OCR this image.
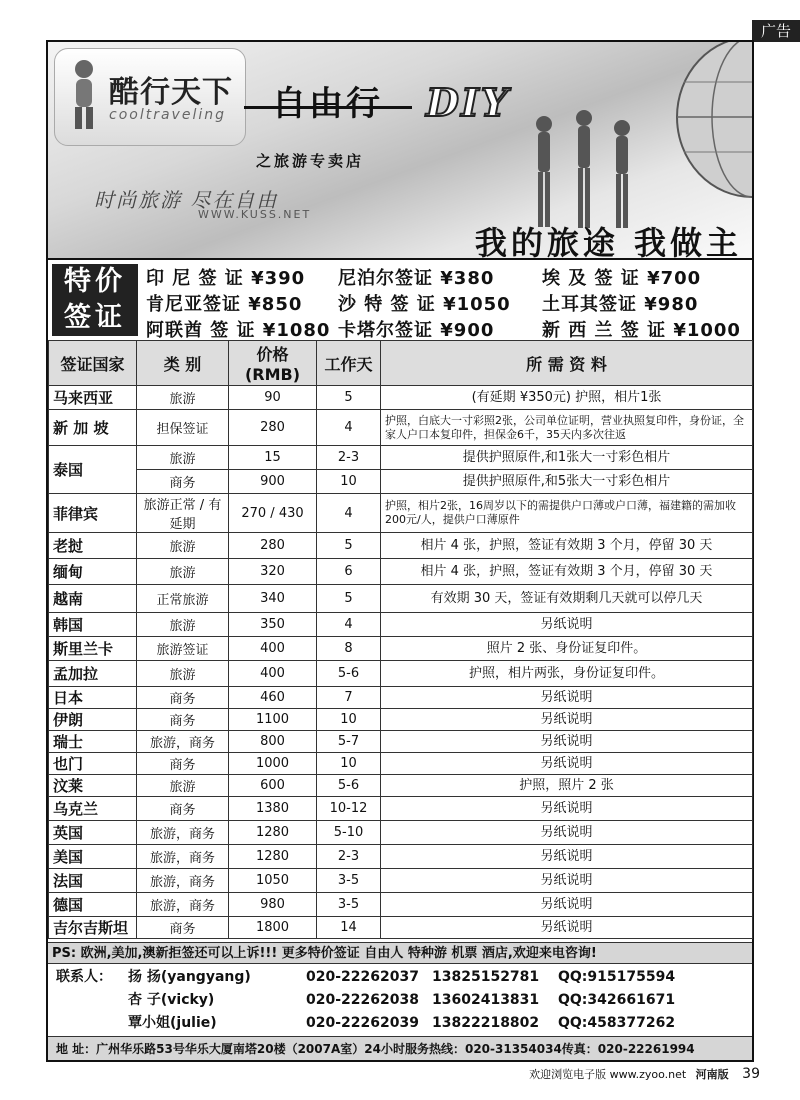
广告
酷行天下
cooltraveling 自由行 DIY
之旅游专卖店
时尚旅游 尽在自由
WWW.KUSS.NET
我的旅途 我做主
特价
签证
印 尼 签 证 ¥390 尼泊尔签证 ¥380	埃 及 签 证 ¥700
肯尼亚签证 ¥850 沙 特 签 证 ¥1050 土耳其签证 ¥980
阿联酋 签 证 ¥1080 卡塔尔签证 ¥900	新 西 兰 签 证 ¥1000
签证国家	类 别	价格(RMB)	工作天	所 需 资 料
马来西亚	旅游	90	5	(有延期 ¥350元) 护照，相片1张
新 加 坡	担保签证	280	4	护照，白底大一寸彩照2张，公司单位证明，营业执照复印件，身份证，全家人户口本复印件，担保金6千，35天内多次往返
泰国	旅游	15	2-3	提供护照原件,和1张大一寸彩色相片
	商务	900	10	提供护照原件,和5张大一寸彩色相片
菲律宾	旅游正常 / 有延期	270 / 430	4	护照，相片2张，16周岁以下的需提供户口薄或户口薄，福建籍的需加收200元/人，提供户口薄原件
老挝	旅游	280	5	相片 4 张，护照，签证有效期 3 个月，停留 30 天
缅甸	旅游	320	6	相片 4 张，护照，签证有效期 3 个月，停留 30 天
越南	正常旅游	340	5	有效期 30 天，签证有效期剩几天就可以停几天
韩国	旅游	350	4	另纸说明
斯里兰卡	旅游签证	400	8	照片 2 张、身份证复印件。
孟加拉	旅游	400	5-6	护照，相片两张，身份证复印件。
日本	商务	460	7	另纸说明
伊朗	商务	1100	10	另纸说明
瑞士	旅游，商务	800	5-7	另纸说明
也门	商务	1000	10	另纸说明
汶莱	旅游	600	5-6	护照，照片 2 张
乌克兰	商务	1380	10-12	另纸说明
英国	旅游，商务	1280	5-10	另纸说明
美国	旅游，商务	1280	2-3	另纸说明
法国	旅游，商务	1050	3-5	另纸说明
德国	旅游，商务	980	3-5	另纸说明
吉尔吉斯坦	商务	1800	14	另纸说明
PS: 欧洲,美加,澳新拒签还可以上诉!!! 更多特价签证 自由人 特种游 机票 酒店,欢迎来电咨询!
联系人： 扬 扬(yangyang)	020-22262037 13825152781 QQ:915175594
杏 子(vicky)	020-22262038 13602413831 QQ:342661671
覃小姐(julie)	020-22262039 13822218802 QQ:458377262
地 址：广州华乐路53号华乐大厦南塔20楼（2007A室）24小时服务热线：020-31354034传真：020-22261994
欢迎浏览电子版 www.zyoo.net 河南版 39
